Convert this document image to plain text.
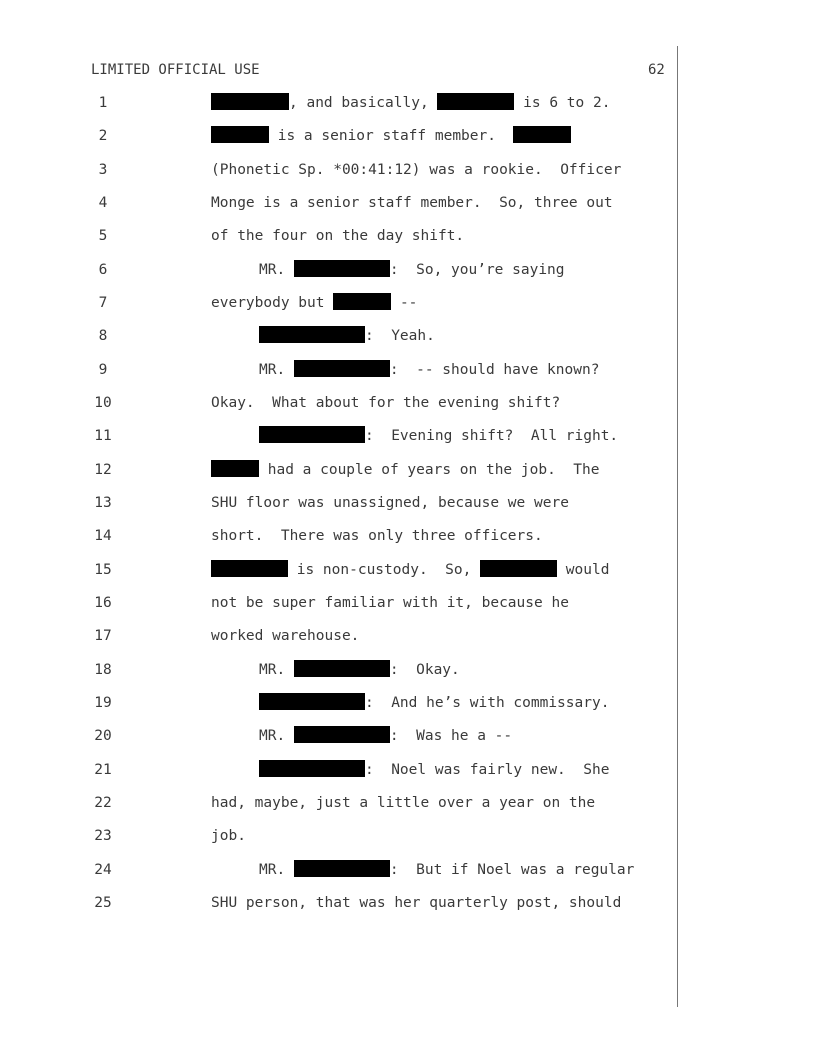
LIMITED OFFICIAL USE	62
1	, and basically,	is 6 to 2.
2	is a senior staff member.
3	(Phonetic Sp. *00:41:12) was a rookie.  Officer
4	Monge is a senior staff member.  So, three out
5	of the four on the day shift.
6	MR.	:  So, you’re saying
7	everybody but	--
8	:  Yeah.
9	MR.	:  -- should have known?
10	Okay.  What about for the evening shift?
11	:  Evening shift?  All right.
12	had a couple of years on the job.  The
13	SHU floor was unassigned, because we were
14	short.  There was only three officers.
15	is non-custody.  So,	would
16	not be super familiar with it, because he
17	worked warehouse.
18	MR.	:  Okay.
19	:  And he’s with commissary.
20	MR.	:  Was he a --
21	:  Noel was fairly new.  She
22	had, maybe, just a little over a year on the
23	job.
24	MR.	:  But if Noel was a regular
25	SHU person, that was her quarterly post, should
